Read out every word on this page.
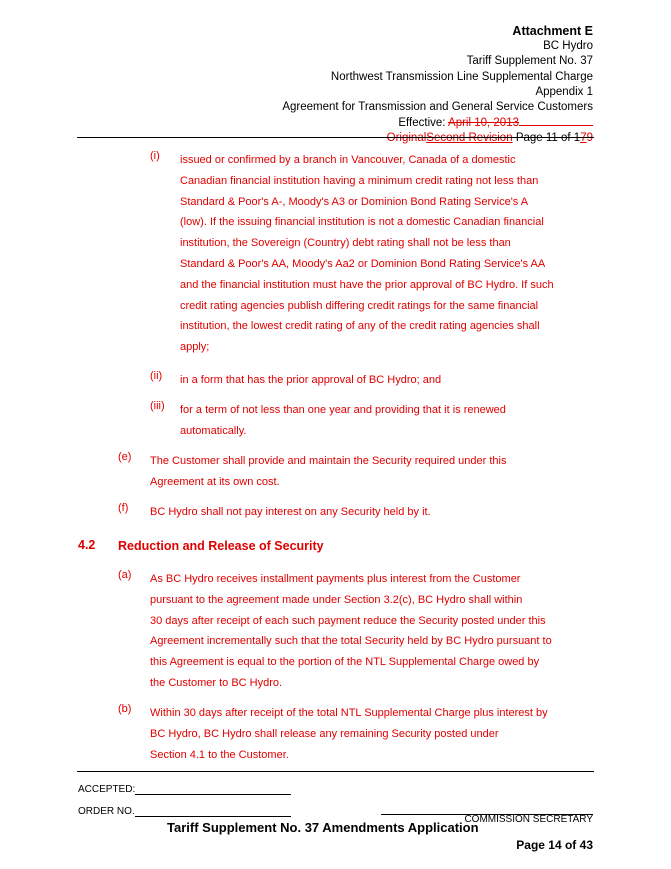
Attachment E
BC Hydro
Tariff Supplement No. 37
Northwest Transmission Line Supplemental Charge
Appendix 1
Agreement for Transmission and General Service Customers
Effective: April 10, 2013
OriginalSecond Revision Page 11 of 179
(i) issued or confirmed by a branch in Vancouver, Canada of a domestic
Canadian financial institution having a minimum credit rating not less than
Standard & Poor's A-, Moody's A3 or Dominion Bond Rating Service's A
(low). If the issuing financial institution is not a domestic Canadian financial
institution, the Sovereign (Country) debt rating shall not be less than
Standard & Poor's AA, Moody's Aa2 or Dominion Bond Rating Service's AA
and the financial institution must have the prior approval of BC Hydro. If such
credit rating agencies publish differing credit ratings for the same financial
institution, the lowest credit rating of any of the credit rating agencies shall
apply;
(ii) in a form that has the prior approval of BC Hydro; and
(iii) for a term of not less than one year and providing that it is renewed
automatically.
(e) The Customer shall provide and maintain the Security required under this
Agreement at its own cost.
(f) BC Hydro shall not pay interest on any Security held by it.
4.2 Reduction and Release of Security
(a) As BC Hydro receives installment payments plus interest from the Customer
pursuant to the agreement made under Section 3.2(c), BC Hydro shall within
30 days after receipt of each such payment reduce the Security posted under this
Agreement incrementally such that the total Security held by BC Hydro pursuant to
this Agreement is equal to the portion of the NTL Supplemental Charge owed by
the Customer to BC Hydro.
(b) Within 30 days after receipt of the total NTL Supplemental Charge plus interest by
BC Hydro, BC Hydro shall release any remaining Security posted under
Section 4.1 to the Customer.
ACCEPTED:
ORDER NO.
COMMISSION SECRETARY
Tariff Supplement No. 37 Amendments Application
Page 14 of 43
